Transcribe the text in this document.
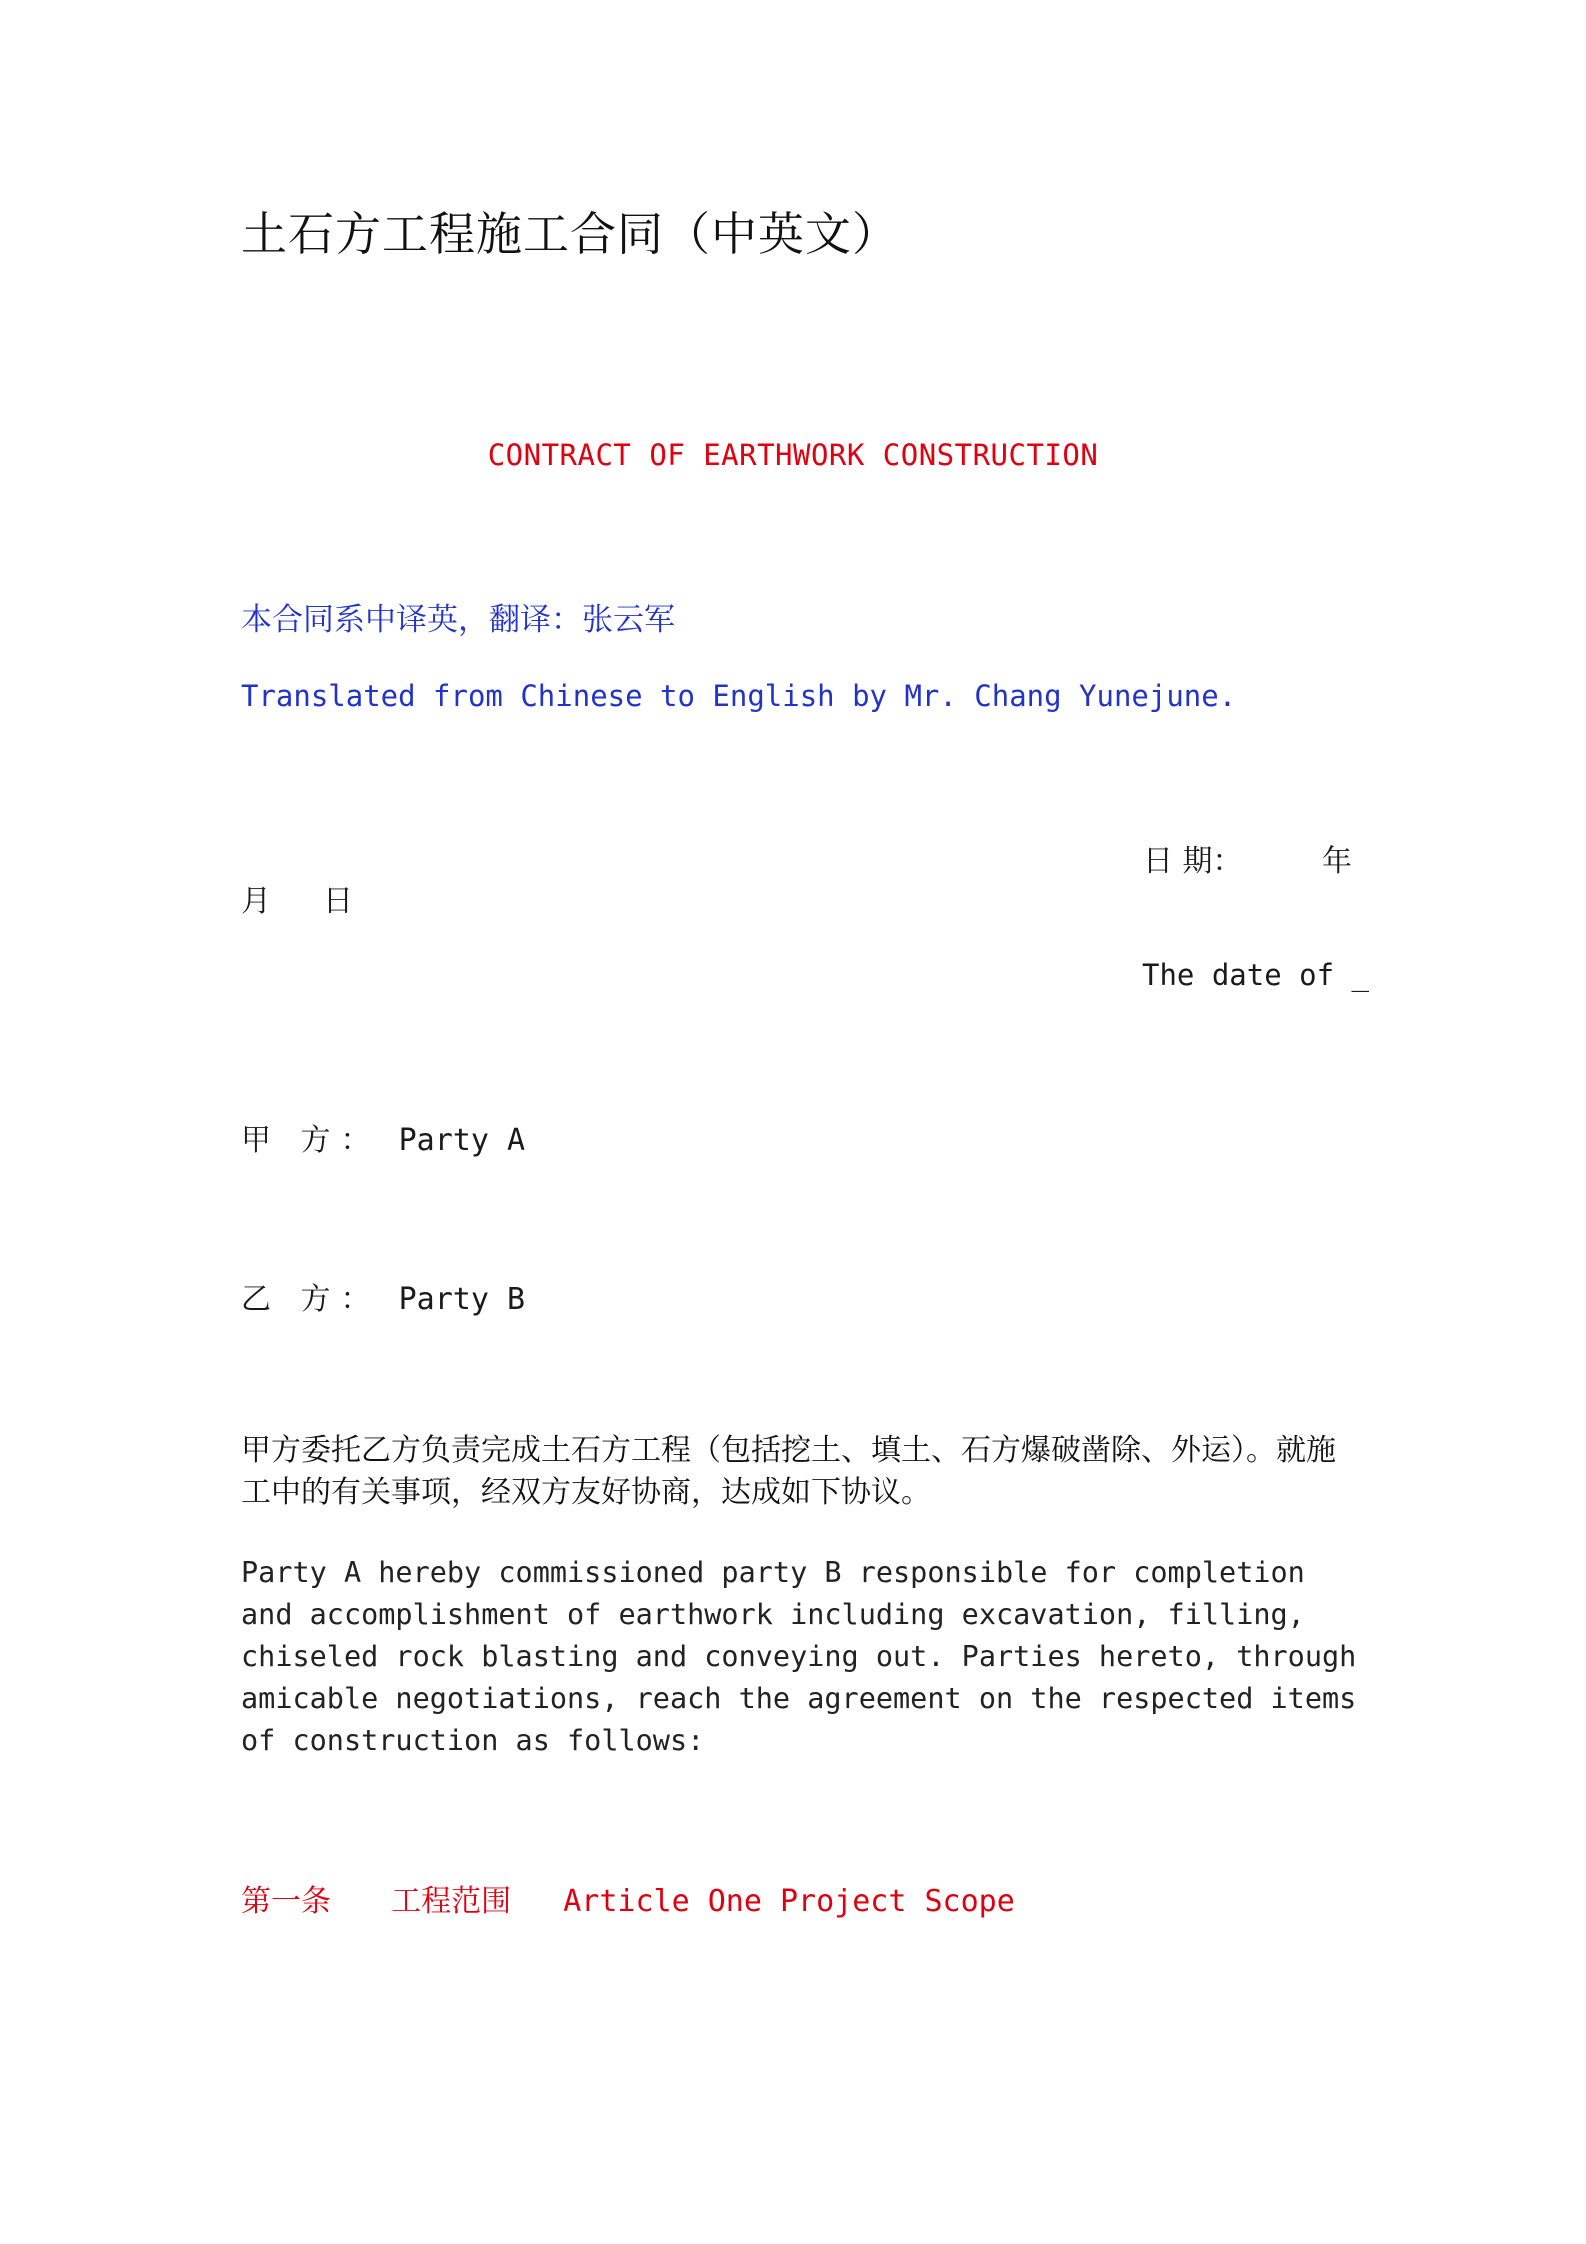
土石方工程施工合同（中英文）
CONTRACT OF EARTHWORK CONSTRUCTION
本合同系中译英，翻译：张云军
Translated from Chinese to English by Mr. Chang Yunejune.
日 期：	年
月 日
The date of _
甲 方： Party A
乙 方： Party B
甲方委托乙方负责完成土石方工程（包括挖土、填土、石方爆破凿除、外运）。就施工中的有关事项，经双方友好协商，达成如下协议。
Party A hereby commissioned party B responsible for completion and accomplishment of earthwork including excavation, filling, chiseled rock blasting and conveying out. Parties hereto, through amicable negotiations, reach the agreement on the respected items of construction as follows:
第一条 工程范围 Article One Project Scope
